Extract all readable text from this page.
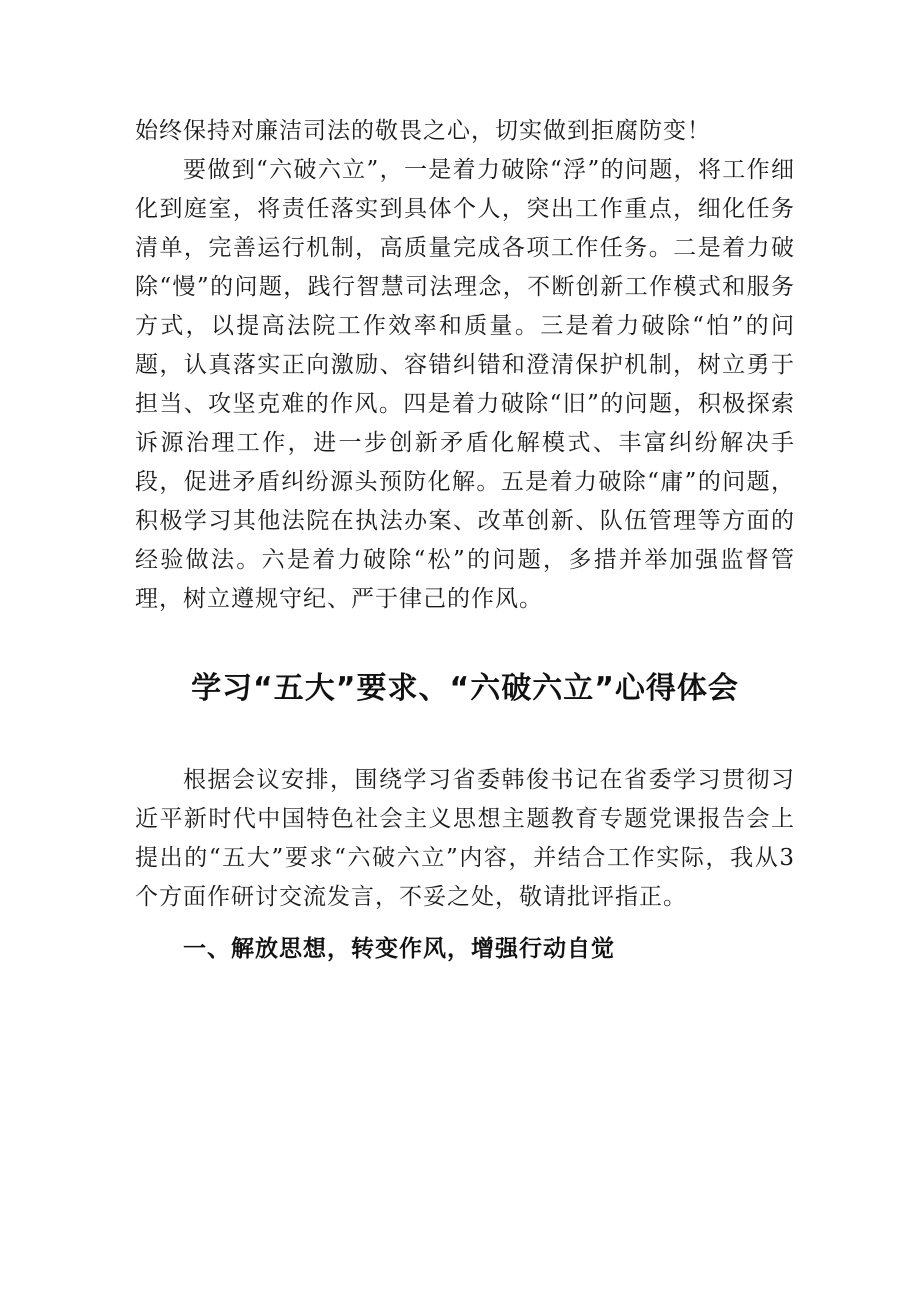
始终保持对廉洁司法的敬畏之心，切实做到拒腐防变！

要做到“六破六立”，一是着力破除“浮”的问题，将工作细化到庭室，将责任落实到具体个人，突出工作重点，细化任务清单，完善运行机制，高质量完成各项工作任务。二是着力破除“慢”的问题，践行智慧司法理念，不断创新工作模式和服务方式，以提高法院工作效率和质量。三是着力破除“怕”的问题，认真落实正向激励、容错纠错和澄清保护机制，树立勇于担当、攻坚克难的作风。四是着力破除“旧”的问题，积极探索诉源治理工作，进一步创新矛盾化解模式、丰富纠纷解决手段，促进矛盾纠纷源头预防化解。五是着力破除“庸”的问题，积极学习其他法院在执法办案、改革创新、队伍管理等方面的经验做法。六是着力破除“松”的问题，多措并举加强监督管理，树立遵规守纪、严于律己的作风。

学习“五大”要求、“六破六立”心得体会

根据会议安排，围绕学习省委韩俊书记在省委学习贯彻习近平新时代中国特色社会主义思想主题教育专题党课报告会上提出的“五大”要求“六破六立”内容，并结合工作实际，我从3个方面作研讨交流发言，不妥之处，敬请批评指正。

一、解放思想，转变作风，增强行动自觉
